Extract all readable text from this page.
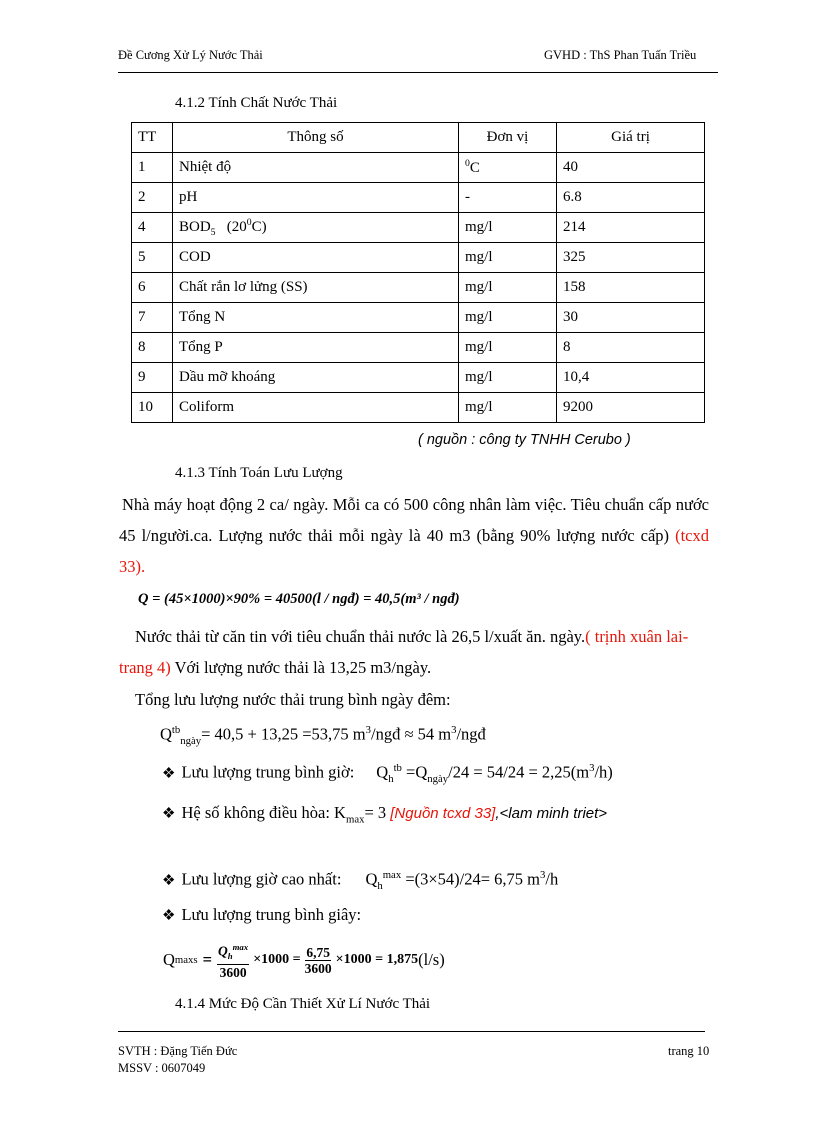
Đề Cương Xử Lý Nước Thải	GVHD : ThS Phan Tuấn Triều
4.1.2 Tính Chất Nước Thải
TT	Thông số	Đơn vị	Giá trị
1	Nhiệt độ	$^0$C	40
2	pH	-	6.8
4	$BOD_5$ $(20^0C)$	mg/l	214
5	COD	mg/l	325
6	Chất rắn lơ lửng (SS)	mg/l	158
7	Tổng N	mg/l	30
8	Tổng P	mg/l	8
9	Dầu mỡ khoáng	mg/l	10,4
10	Coliform	mg/l	9200
( nguồn : công ty TNHH Cerubo )
4.1.3 Tính Toán Lưu Lượng
Nhà máy hoạt động 2 ca/ ngày. Mỗi ca có 500 công nhân làm việc. Tiêu chuẩn cấp nước 45 l/người.ca. Lượng nước thải mỗi ngày là 40 m3 (bằng 90% lượng nước cấp) (tcxd 33).
Q = (45×1000)×90% = 40500(l / ngđ) = 40,5(m³ / ngđ)
Nước thải từ căn tin với tiêu chuẩn thải nước là 26,5 l/xuất ăn. ngày.( trịnh xuân lai-trang 4) Với lượng nước thải là 13,25 m3/ngày.
Tổng lưu lượng nước thải trung bình ngày đêm:
$Q^{tb}_{ngày}= 40,5 + 13,25 =53,75$ $m^3$/ngđ ≈ 54 $m^3$/ngđ
❖ Lưu lượng trung bình giờ: $Q_h^{tb} =Q_{ngày}/24 = 54/24 = 2,25(m^3/h)$
❖ Hệ số không điều hòa: $K_{max}= 3$ [Nguồn tcxd 33],<lam minh triet>
❖ Lưu lượng giờ cao nhất: $Q_h^{max} =(3\times 54)/24= 6,75$ $m^3/h$
❖ Lưu lượng trung bình giây:
Q $\max s = \frac{Q_h^{max}}{3600} \times 1000 = \frac{6,75}{3600} \times 1000 = 1,875$ (l/s)
4.1.4 Mức Độ Cần Thiết Xử Lí Nước Thải
SVTH : Đặng Tiến Đức
MSSV : 0607049
trang 10
